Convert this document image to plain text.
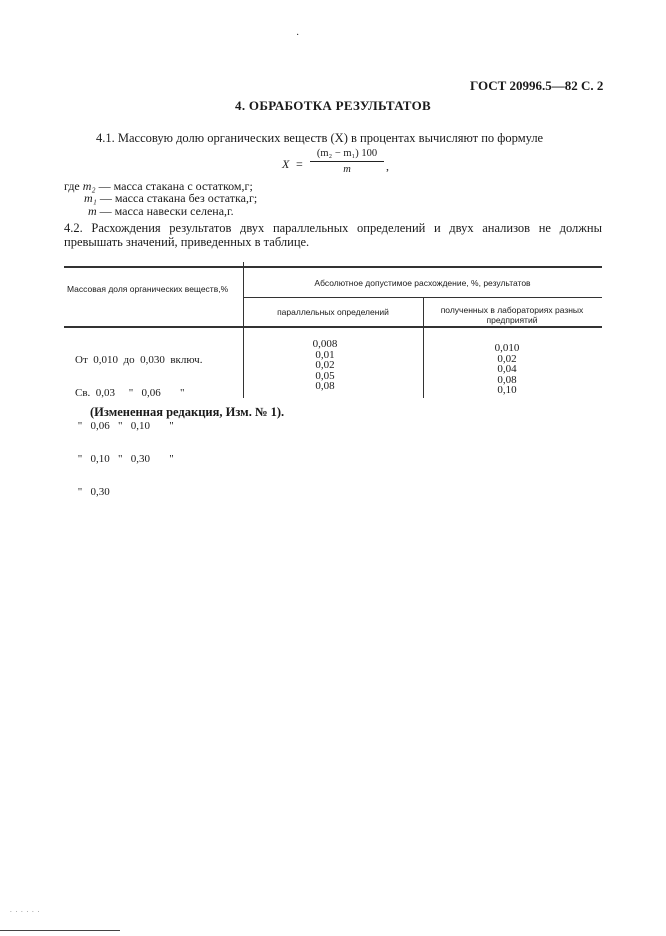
·
ГОСТ 20996.5—82 С. 2
4. ОБРАБОТКА РЕЗУЛЬТАТОВ
4.1. Массовую долю органических веществ (X) в процентах вычисляют по формуле
X =
(m₂ − m₁) 100
m	,
где m₂ — масса стакана с остатком,г;
m₁ — масса стакана без остатка,г;
m — масса навески селена,г.
4.2. Расхождения результатов двух параллельных определений и двух анализов не должны превышать значений, приведенных в таблице.
Массовая доля органических веществ,%
Абсолютное допустимое расхождение, %, результатов
параллельных определений	полученных в лабораториях разных предприятий

От  0,010  до  0,030  включ.

Св.  0,03     "   0,06       "

"   0,06   "   0,10       "

"   0,10   "   0,30       "

"   0,30

0,008
0,01
0,02
0,05
0,08
0,010
0,02
0,04
0,08
0,10
(Измененная редакция, Изм. № 1).
. . . . . .
